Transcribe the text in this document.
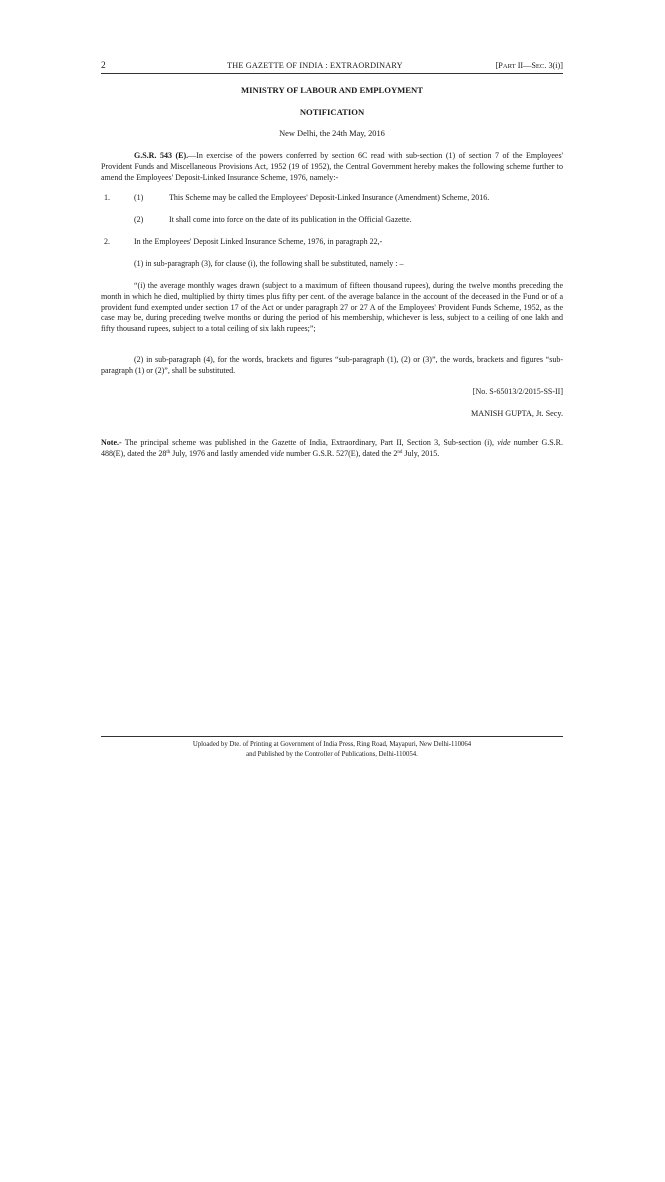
2	THE GAZETTE OF INDIA : EXTRAORDINARY	[PART II—SEC. 3(i)]
MINISTRY OF LABOUR AND EMPLOYMENT
NOTIFICATION
New Delhi, the 24th May, 2016
G.S.R. 543 (E).—In exercise of the powers conferred by section 6C read with sub-section (1) of section 7 of the Employees' Provident Funds and Miscellaneous Provisions Act, 1952 (19 of 1952), the Central Government hereby makes the following scheme further to amend the Employees' Deposit-Linked Insurance Scheme, 1976, namely:-
1.	(1)	This Scheme may be called the Employees' Deposit-Linked Insurance (Amendment) Scheme, 2016.
(2)	It shall come into force on the date of its publication in the Official Gazette.
2.	In the Employees' Deposit Linked Insurance Scheme, 1976, in paragraph 22,-
(1) in sub-paragraph (3), for clause (i), the following shall be substituted, namely : –
“(i) the average monthly wages drawn (subject to a maximum of fifteen thousand rupees), during the twelve months preceding the month in which he died, multiplied by thirty times plus fifty per cent. of the average balance in the account of the deceased in the Fund or of a provident fund exempted under section 17 of the Act or under paragraph 27 or 27 A of the Employees' Provident Funds Scheme, 1952, as the case may be, during preceding twelve months or during the period of his membership, whichever is less, subject to a ceiling of one lakh and fifty thousand rupees, subject to a total ceiling of six lakh rupees;”;
(2) in sub-paragraph (4), for the words, brackets and figures “sub-paragraph (1), (2) or (3)”, the words, brackets and figures “sub-paragraph (1) or (2)”, shall be substituted.
[No. S-65013/2/2015-SS-II]
MANISH GUPTA, Jt. Secy.
Note.- The principal scheme was published in the Gazette of India, Extraordinary, Part II, Section 3, Sub-section (i), vide number G.S.R. 488(E), dated the 28th July, 1976 and lastly amended vide number G.S.R. 527(E), dated the 2nd July, 2015.
Uploaded by Dte. of Printing at Government of India Press, Ring Road, Mayapuri, New Delhi-110064
and Published by the Controller of Publications, Delhi-110054.
